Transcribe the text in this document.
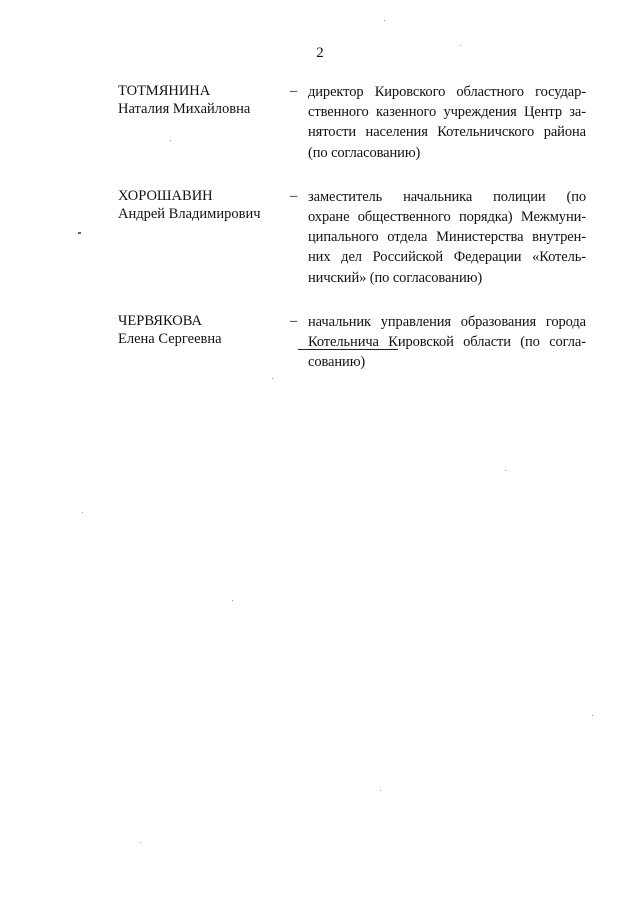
2
ТОТМЯНИНА
Наталия Михайловна
– директор Кировского областного государ-
ственного казенного учреждения Центр за-
нятости населения Котельничского района
(по согласованию)
ХОРОШАВИН
Андрей Владимирович
– заместитель начальника полиции (по
охране общественного порядка) Межмуни-
ципального отдела Министерства внутрен-
них дел Российской Федерации «Котель-
ничский» (по согласованию)
ЧЕРВЯКОВА
Елена Сергеевна
– начальник управления образования города
Котельнича Кировской области (по согла-
сованию)
